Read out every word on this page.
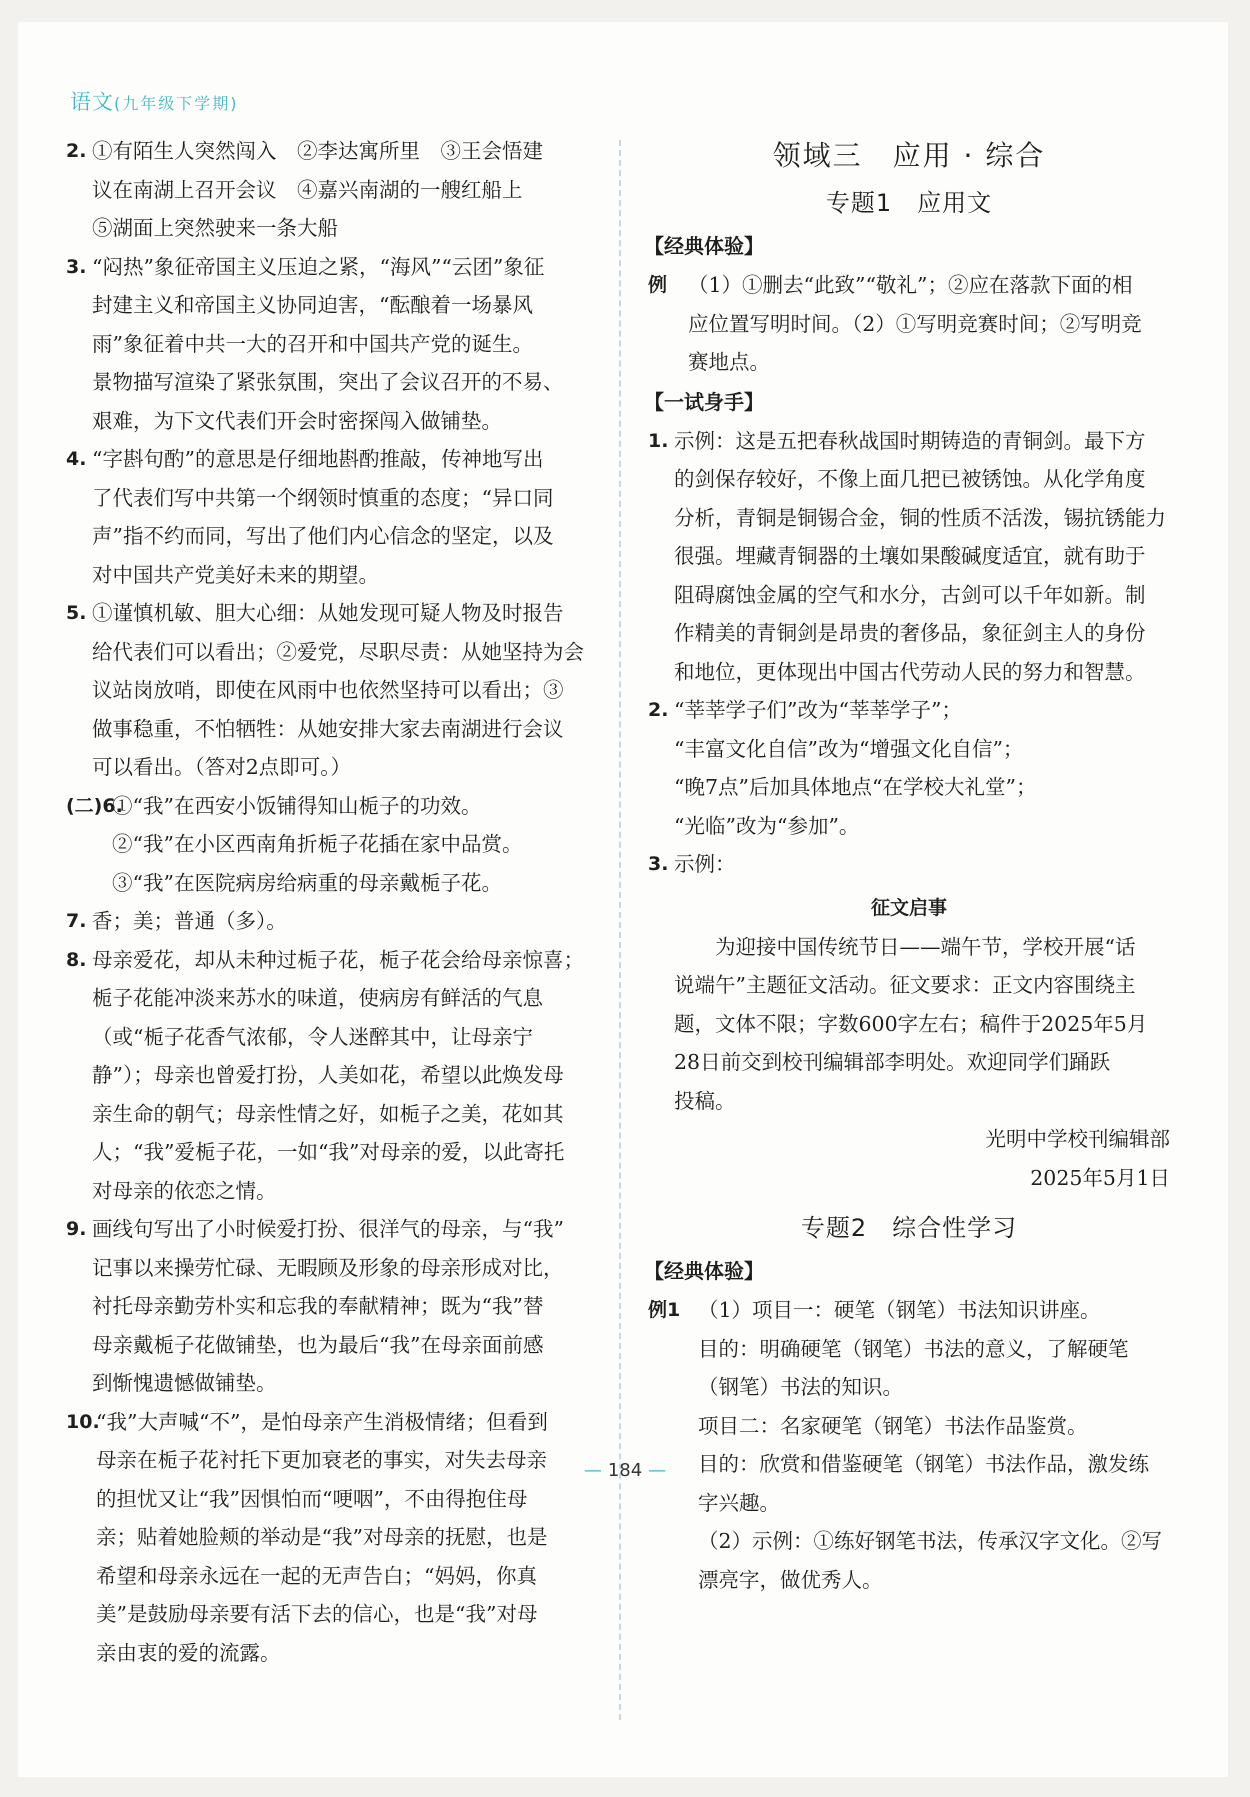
语文(九年级下学期)
2. ①有陌生人突然闯入　②李达寓所里　③王会悟建

议在南湖上召开会议　④嘉兴南湖的一艘红船上

⑤湖面上突然驶来一条大船

3. “闷热”象征帝国主义压迫之紧，“海风”“云团”象征

封建主义和帝国主义协同迫害，“酝酿着一场暴风

雨”象征着中共一大的召开和中国共产党的诞生。

景物描写渲染了紧张氛围，突出了会议召开的不易、

艰难，为下文代表们开会时密探闯入做铺垫。

4. “字斟句酌”的意思是仔细地斟酌推敲，传神地写出

了代表们写中共第一个纲领时慎重的态度；“异口同

声”指不约而同，写出了他们内心信念的坚定，以及

对中国共产党美好未来的期望。

5. ①谨慎机敏、胆大心细：从她发现可疑人物及时报告

给代表们可以看出；②爱党，尽职尽责：从她坚持为会

议站岗放哨，即使在风雨中也依然坚持可以看出；③

做事稳重，不怕牺牲：从她安排大家去南湖进行会议

可以看出。（答对2点即可。）

(二)6.

①“我”在西安小饭铺得知山栀子的功效。

②“我”在小区西南角折栀子花插在家中品赏。

③“我”在医院病房给病重的母亲戴栀子花。

7. 香；美；普通（多）。

8. 母亲爱花，却从未种过栀子花，栀子花会给母亲惊喜；

栀子花能冲淡来苏水的味道，使病房有鲜活的气息

（或“栀子花香气浓郁，令人迷醉其中，让母亲宁

静”）；母亲也曾爱打扮，人美如花，希望以此焕发母

亲生命的朝气；母亲性情之好，如栀子之美，花如其

人；“我”爱栀子花，一如“我”对母亲的爱，以此寄托

对母亲的依恋之情。

9. 画线句写出了小时候爱打扮、很洋气的母亲，与“我”

记事以来操劳忙碌、无暇顾及形象的母亲形成对比，

衬托母亲勤劳朴实和忘我的奉献精神；既为“我”替

母亲戴栀子花做铺垫，也为最后“我”在母亲面前感

到惭愧遗憾做铺垫。

10.

“我”大声喊“不”，是怕母亲产生消极情绪；但看到

母亲在栀子花衬托下更加衰老的事实，对失去母亲

的担忧又让“我”因惧怕而“哽咽”，不由得抱住母

亲；贴着她脸颊的举动是“我”对母亲的抚慰，也是

希望和母亲永远在一起的无声告白；“妈妈，你真

美”是鼓励母亲要有活下去的信心，也是“我”对母

亲由衷的爱的流露。

领域三　应用 · 综合
专题1　应用文
【经典体验】
例 （1）①删去“此致”“敬礼”；②应在落款下面的相

应位置写明时间。（2）①写明竞赛时间；②写明竞

赛地点。

【一试身手】
1. 示例：这是五把春秋战国时期铸造的青铜剑。最下方

的剑保存较好，不像上面几把已被锈蚀。从化学角度

分析，青铜是铜锡合金，铜的性质不活泼，锡抗锈能力

很强。埋藏青铜器的土壤如果酸碱度适宜，就有助于

阻碍腐蚀金属的空气和水分，古剑可以千年如新。制

作精美的青铜剑是昂贵的奢侈品，象征剑主人的身份

和地位，更体现出中国古代劳动人民的努力和智慧。

2. “莘莘学子们”改为“莘莘学子”；

“丰富文化自信”改为“增强文化自信”；

“晚7点”后加具体地点“在学校大礼堂”；

“光临”改为“参加”。

3. 示例：

征文启事

为迎接中国传统节日——端午节，学校开展“话

说端午”主题征文活动。征文要求：正文内容围绕主

题，文体不限；字数600字左右；稿件于2025年5月

28日前交到校刊编辑部李明处。欢迎同学们踊跃

投稿。

光明中学校刊编辑部

2025年5月1日

专题2　综合性学习
【经典体验】
例1 （1）项目一：硬笔（钢笔）书法知识讲座。

目的：明确硬笔（钢笔）书法的意义，了解硬笔

（钢笔）书法的知识。

项目二：名家硬笔（钢笔）书法作品鉴赏。

目的：欣赏和借鉴硬笔（钢笔）书法作品，激发练

字兴趣。

（2）示例：①练好钢笔书法，传承汉字文化。②写

漂亮字，做优秀人。

— 184 —
